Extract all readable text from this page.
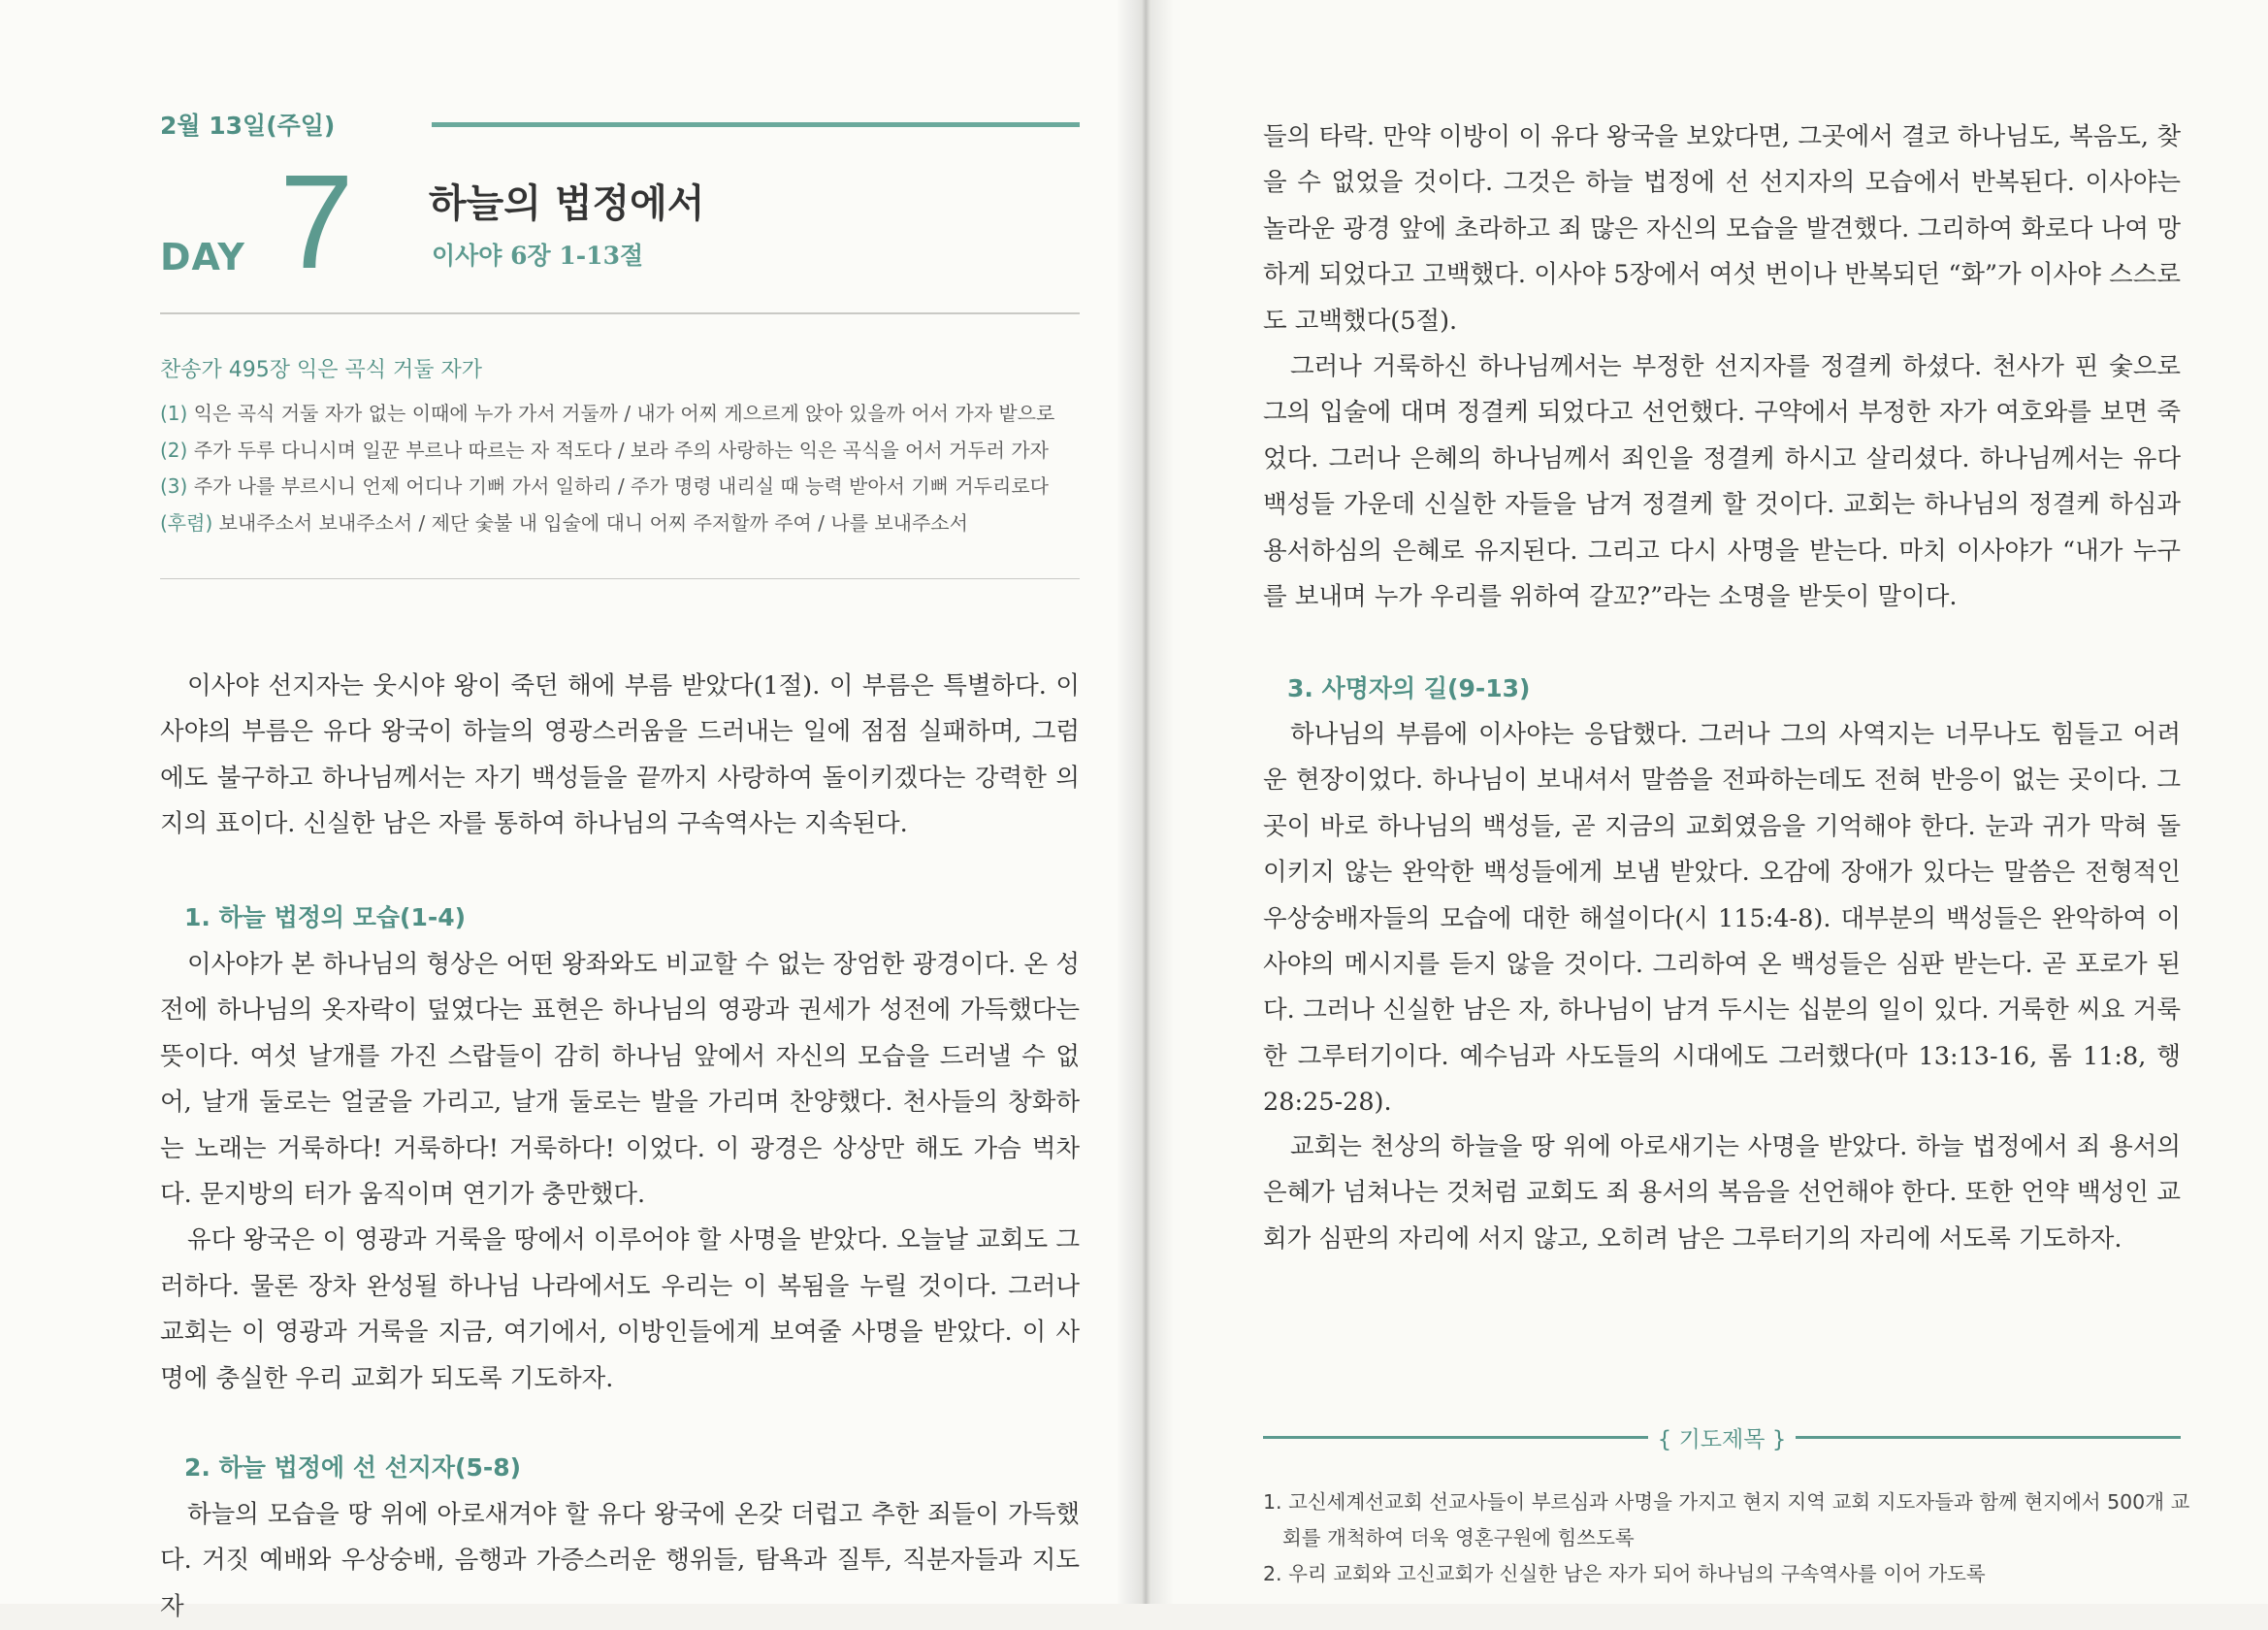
2월 13일(주일)
DAY 7 하늘의 법정에서
이사야 6장 1-13절
찬송가 495장 익은 곡식 거둘 자가
(1) 익은 곡식 거둘 자가 없는 이때에 누가 가서 거둘까 / 내가 어찌 게으르게 앉아 있을까 어서 가자 밭으로
(2) 주가 두루 다니시며 일꾼 부르나 따르는 자 적도다 / 보라 주의 사랑하는 익은 곡식을 어서 거두러 가자
(3) 주가 나를 부르시니 언제 어디나 기뻐 가서 일하리 / 주가 명령 내리실 때 능력 받아서 기뻐 거두리로다
(후렴) 보내주소서 보내주소서 / 제단 숯불 내 입술에 대니 어찌 주저할까 주여 / 나를 보내주소서

이사야 선지자는 웃시야 왕이 죽던 해에 부름 받았다(1절). 이 부름은 특별하다. 이사야의 부름은 유다 왕국이 하늘의 영광스러움을 드러내는 일에 점점 실패하며, 그럼에도 불구하고 하나님께서는 자기 백성들을 끝까지 사랑하여 돌이키겠다는 강력한 의지의 표이다. 신실한 남은 자를 통하여 하나님의 구속역사는 지속된다.

1. 하늘 법정의 모습(1-4)

이사야가 본 하나님의 형상은 어떤 왕좌와도 비교할 수 없는 장엄한 광경이다. 온 성전에 하나님의 옷자락이 덮였다는 표현은 하나님의 영광과 권세가 성전에 가득했다는 뜻이다. 여섯 날개를 가진 스랍들이 감히 하나님 앞에서 자신의 모습을 드러낼 수 없어, 날개 둘로는 얼굴을 가리고, 날개 둘로는 발을 가리며 찬양했다. 천사들의 창화하는 노래는 거룩하다! 거룩하다! 거룩하다! 이었다. 이 광경은 상상만 해도 가슴 벅차다. 문지방의 터가 움직이며 연기가 충만했다.

유다 왕국은 이 영광과 거룩을 땅에서 이루어야 할 사명을 받았다. 오늘날 교회도 그러하다. 물론 장차 완성될 하나님 나라에서도 우리는 이 복됨을 누릴 것이다. 그러나 교회는 이 영광과 거룩을 지금, 여기에서, 이방인들에게 보여줄 사명을 받았다. 이 사명에 충실한 우리 교회가 되도록 기도하자.

2. 하늘 법정에 선 선지자(5-8)

하늘의 모습을 땅 위에 아로새겨야 할 유다 왕국에 온갖 더럽고 추한 죄들이 가득했다. 거짓 예배와 우상숭배, 음행과 가증스러운 행위들, 탐욕과 질투, 직분자들과 지도자

들의 타락. 만약 이방이 이 유다 왕국을 보았다면, 그곳에서 결코 하나님도, 복음도, 찾을 수 없었을 것이다. 그것은 하늘 법정에 선 선지자의 모습에서 반복된다. 이사야는 놀라운 광경 앞에 초라하고 죄 많은 자신의 모습을 발견했다. 그리하여 화로다 나여 망하게 되었다고 고백했다. 이사야 5장에서 여섯 번이나 반복되던 “화”가 이사야 스스로도 고백했다(5절).

그러나 거룩하신 하나님께서는 부정한 선지자를 정결케 하셨다. 천사가 핀 숯으로 그의 입술에 대며 정결케 되었다고 선언했다. 구약에서 부정한 자가 여호와를 보면 죽었다. 그러나 은혜의 하나님께서 죄인을 정결케 하시고 살리셨다. 하나님께서는 유다 백성들 가운데 신실한 자들을 남겨 정결케 할 것이다. 교회는 하나님의 정결케 하심과 용서하심의 은혜로 유지된다. 그리고 다시 사명을 받는다. 마치 이사야가 “내가 누구를 보내며 누가 우리를 위하여 갈꼬?”라는 소명을 받듯이 말이다.

3. 사명자의 길(9-13)

하나님의 부름에 이사야는 응답했다. 그러나 그의 사역지는 너무나도 힘들고 어려운 현장이었다. 하나님이 보내셔서 말씀을 전파하는데도 전혀 반응이 없는 곳이다. 그곳이 바로 하나님의 백성들, 곧 지금의 교회였음을 기억해야 한다. 눈과 귀가 막혀 돌이키지 않는 완악한 백성들에게 보냄 받았다. 오감에 장애가 있다는 말씀은 전형적인 우상숭배자들의 모습에 대한 해설이다(시 115:4-8). 대부분의 백성들은 완악하여 이사야의 메시지를 듣지 않을 것이다. 그리하여 온 백성들은 심판 받는다. 곧 포로가 된다. 그러나 신실한 남은 자, 하나님이 남겨 두시는 십분의 일이 있다. 거룩한 씨요 거룩한 그루터기이다. 예수님과 사도들의 시대에도 그러했다(마 13:13-16, 롬 11:8, 행 28:25-28).

교회는 천상의 하늘을 땅 위에 아로새기는 사명을 받았다. 하늘 법정에서 죄 용서의 은혜가 넘쳐나는 것처럼 교회도 죄 용서의 복음을 선언해야 한다. 또한 언약 백성인 교회가 심판의 자리에 서지 않고, 오히려 남은 그루터기의 자리에 서도록 기도하자.

{ 기도제목 }
1. 고신세계선교회 선교사들이 부르심과 사명을 가지고 현지 지역 교회 지도자들과 함께 현지에서 500개 교
회를 개척하여 더욱 영혼구원에 힘쓰도록
2. 우리 교회와 고신교회가 신실한 남은 자가 되어 하나님의 구속역사를 이어 가도록
